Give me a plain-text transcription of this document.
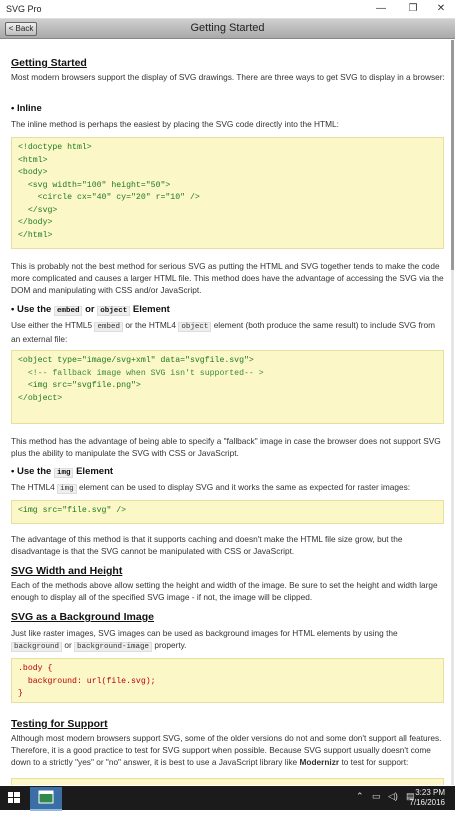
SVG Pro	—	❐	✕
Getting Started
< Back
Getting Started
Most modern browsers support the display of SVG drawings. There are three ways to get SVG to display in a browser:
• Inline
The inline method is perhaps the easiest by placing the SVG code directly into the HTML:
<!doctype html>
<html>
<body>
<svg width="100" height="50">
<circle cx="40" cy="20" r="10" />
</svg>
</body>
</html>
This is probably not the best method for serious SVG as putting the HTML and SVG together tends to make the code more complicated and causes a larger HTML file. This method does have the advantage of accessing the SVG via the DOM and manipulating with CSS and/or JavaScript.
• Use the embed or object Element
Use either the HTML5 embed or the HTML4 object element (both produce the same result) to include SVG from an external file:
<object type="image/svg+xml" data="svgfile.svg">
<!-- fallback image when SVG isn't supported-- >
<img src="svgfile.png">
</object>
This method has the advantage of being able to specify a "fallback" image in case the browser does not support SVG plus the ability to manipulate the SVG with CSS or JavaScript.
• Use the img Element
The HTML4 img element can be used to display SVG and it works the same as expected for raster images:
<img src="file.svg" />
The advantage of this method is that it supports caching and doesn't make the HTML file size grow, but the disadvantage is that the SVG cannot be manipulated with CSS or JavaScript.
SVG Width and Height
Each of the methods above allow setting the height and width of the image. Be sure to set the height and width large enough to display all of the specified SVG image - if not, the image will be clipped.
SVG as a Background Image
Just like raster images, SVG images can be used as background images for HTML elements by using the background or background-image property.
.body {
background: url(file.svg);
}
Testing for Support
Although most modern browsers support SVG, some of the older versions do not and some don't support all features. Therefore, it is a good practice to test for SVG support when possible. Because SVG support usually doesn't come down to a strictly "yes" or "no" answer, it is best to use a JavaScript library like Modernizr to test for support:
⌃ ▭ ◁) ▤ 3:23 PM
7/16/2016
